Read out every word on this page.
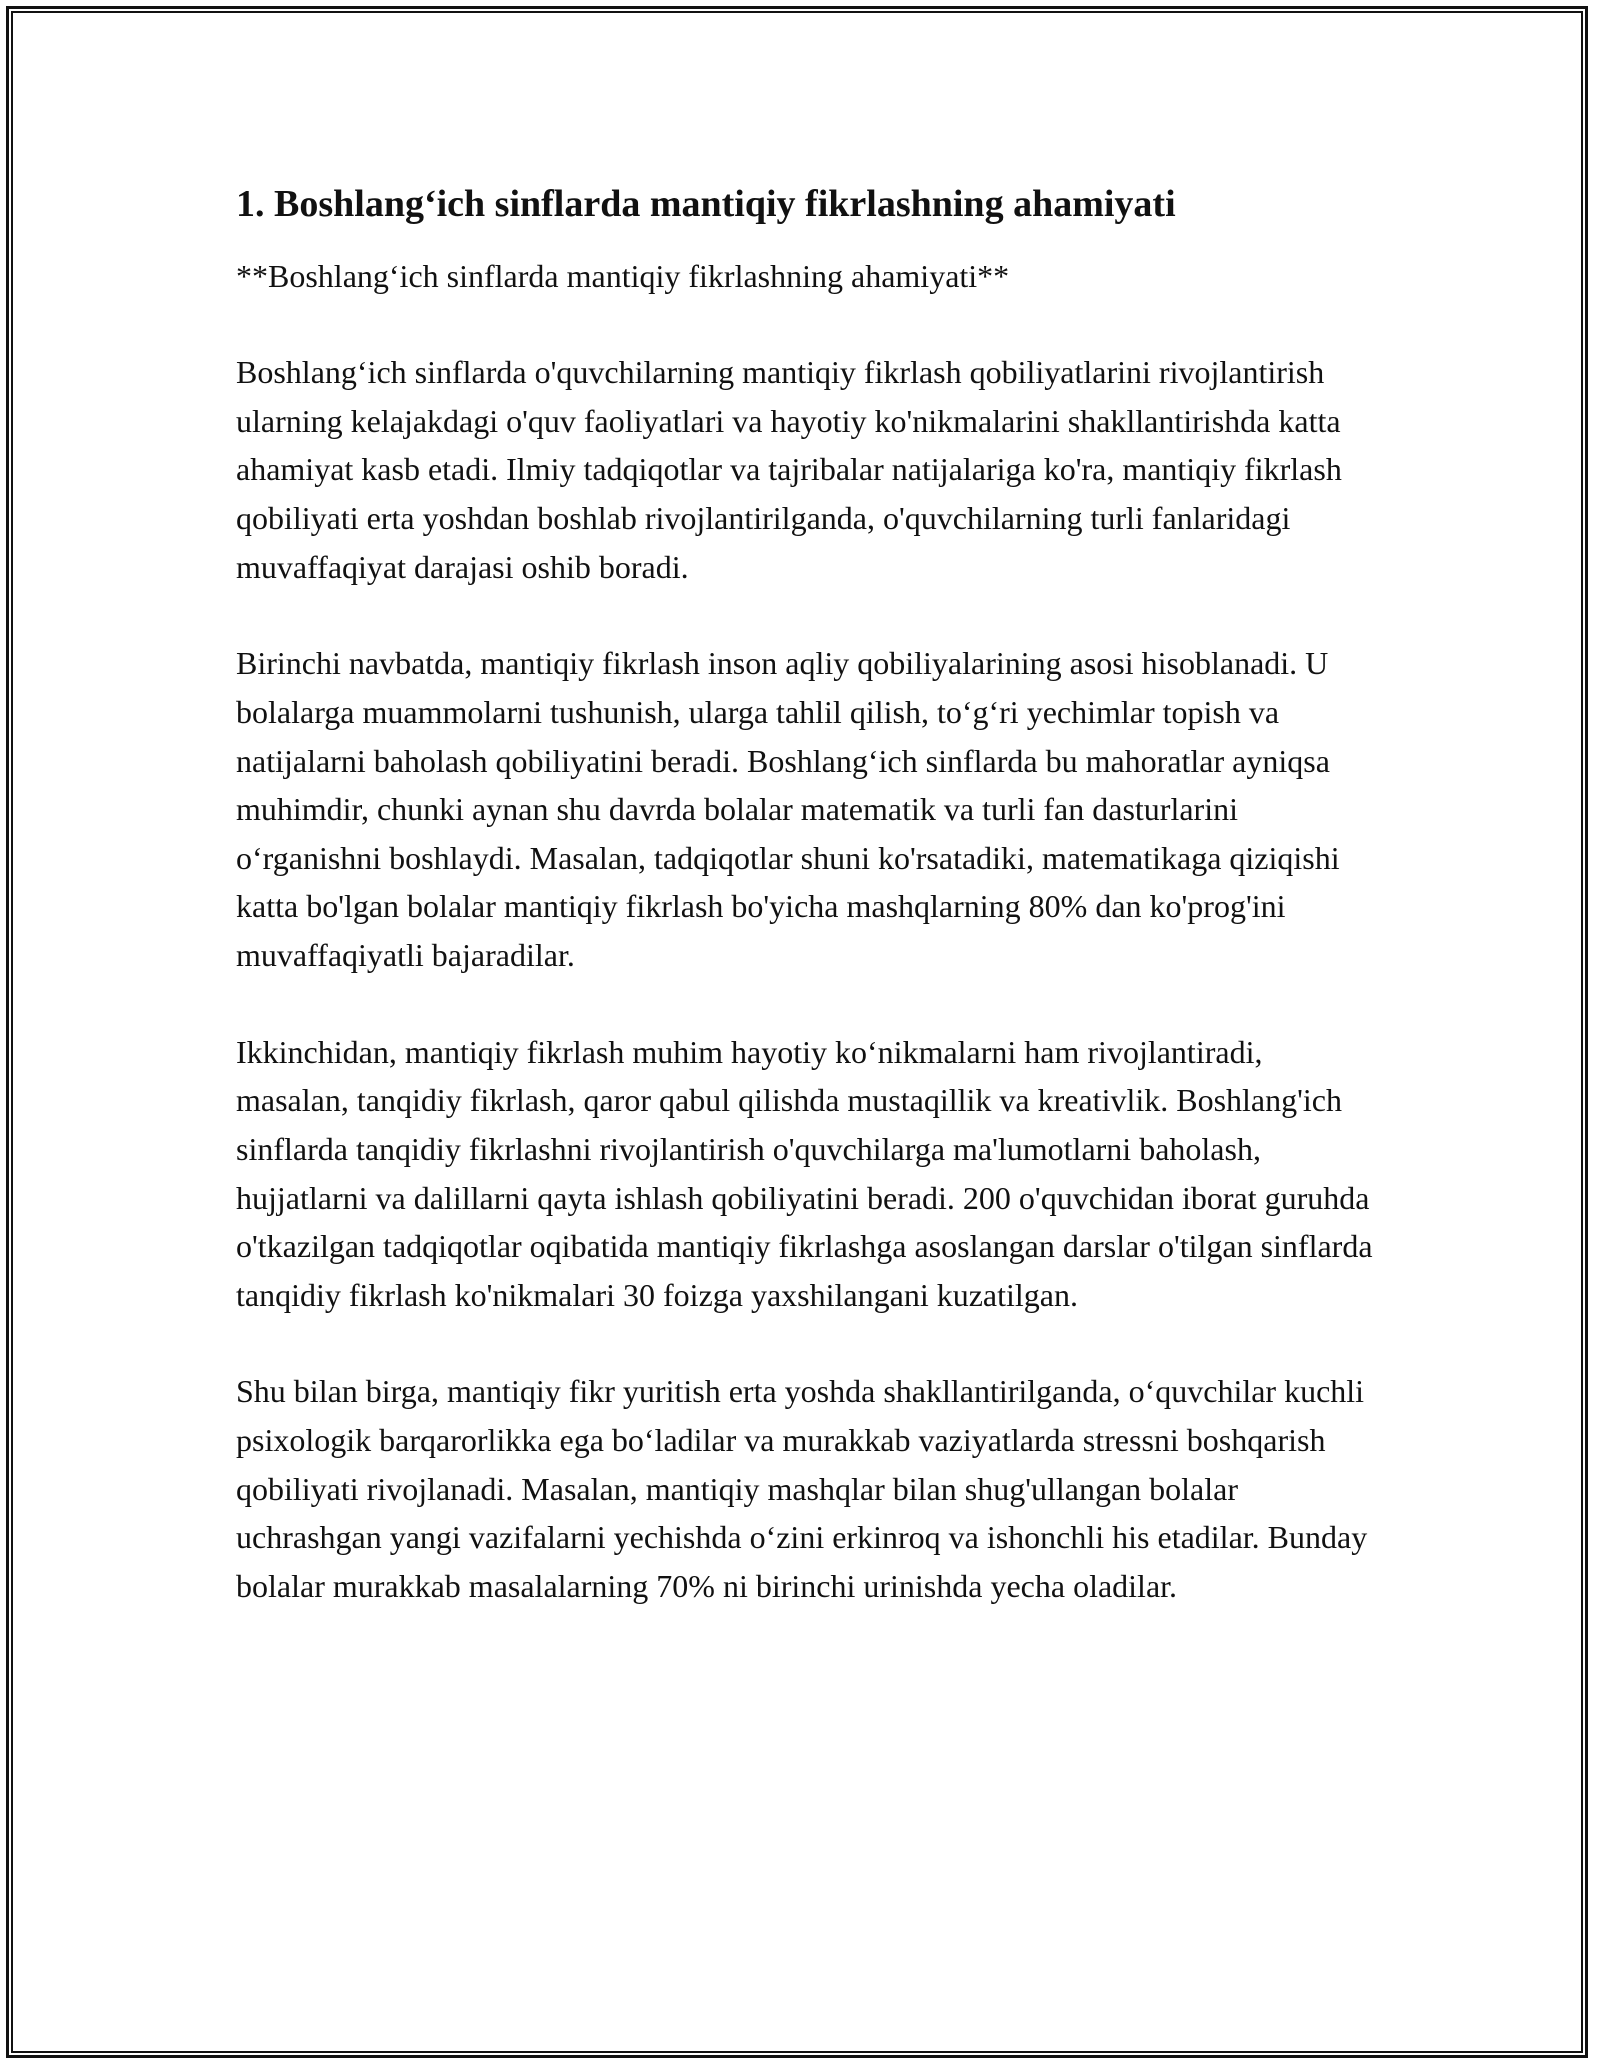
1. Boshlang‘ich sinflarda mantiqiy fikrlashning ahamiyati

**Boshlang‘ich sinflarda mantiqiy fikrlashning ahamiyati**

Boshlang‘ich sinflarda o'quvchilarning mantiqiy fikrlash qobiliyatlarini rivojlantirish ularning kelajakdagi o'quv faoliyatlari va hayotiy ko'nikmalarini shakllantirishda katta ahamiyat kasb etadi. Ilmiy tadqiqotlar va tajribalar natijalariga ko'ra, mantiqiy fikrlash qobiliyati erta yoshdan boshlab rivojlantirilganda, o'quvchilarning turli fanlaridagi muvaffaqiyat darajasi oshib boradi.

Birinchi navbatda, mantiqiy fikrlash inson aqliy qobiliyalarining asosi hisoblanadi. U bolalarga muammolarni tushunish, ularga tahlil qilish, to‘g‘ri yechimlar topish va natijalarni baholash qobiliyatini beradi. Boshlang‘ich sinflarda bu mahoratlar ayniqsa muhimdir, chunki aynan shu davrda bolalar matematik va turli fan dasturlarini o‘rganishni boshlaydi. Masalan, tadqiqotlar shuni ko'rsatadiki, matematikaga qiziqishi katta bo'lgan bolalar mantiqiy fikrlash bo'yicha mashqlarning 80% dan ko'prog'ini muvaffaqiyatli bajaradilar.

Ikkinchidan, mantiqiy fikrlash muhim hayotiy ko‘nikmalarni ham rivojlantiradi, masalan, tanqidiy fikrlash, qaror qabul qilishda mustaqillik va kreativlik. Boshlang'ich sinflarda tanqidiy fikrlashni rivojlantirish o'quvchilarga ma'lumotlarni baholash, hujjatlarni va dalillarni qayta ishlash qobiliyatini beradi. 200 o'quvchidan iborat guruhda o'tkazilgan tadqiqotlar oqibatida mantiqiy fikrlashga asoslangan darslar o'tilgan sinflarda tanqidiy fikrlash ko'nikmalari 30 foizga yaxshilangani kuzatilgan.

Shu bilan birga, mantiqiy fikr yuritish erta yoshda shakllantirilganda, o‘quvchilar kuchli psixologik barqarorlikka ega bo‘ladilar va murakkab vaziyatlarda stressni boshqarish qobiliyati rivojlanadi. Masalan, mantiqiy mashqlar bilan shug'ullangan bolalar uchrashgan yangi vazifalarni yechishda o‘zini erkinroq va ishonchli his etadilar. Bunday bolalar murakkab masalalarning 70% ni birinchi urinishda yecha oladilar.
